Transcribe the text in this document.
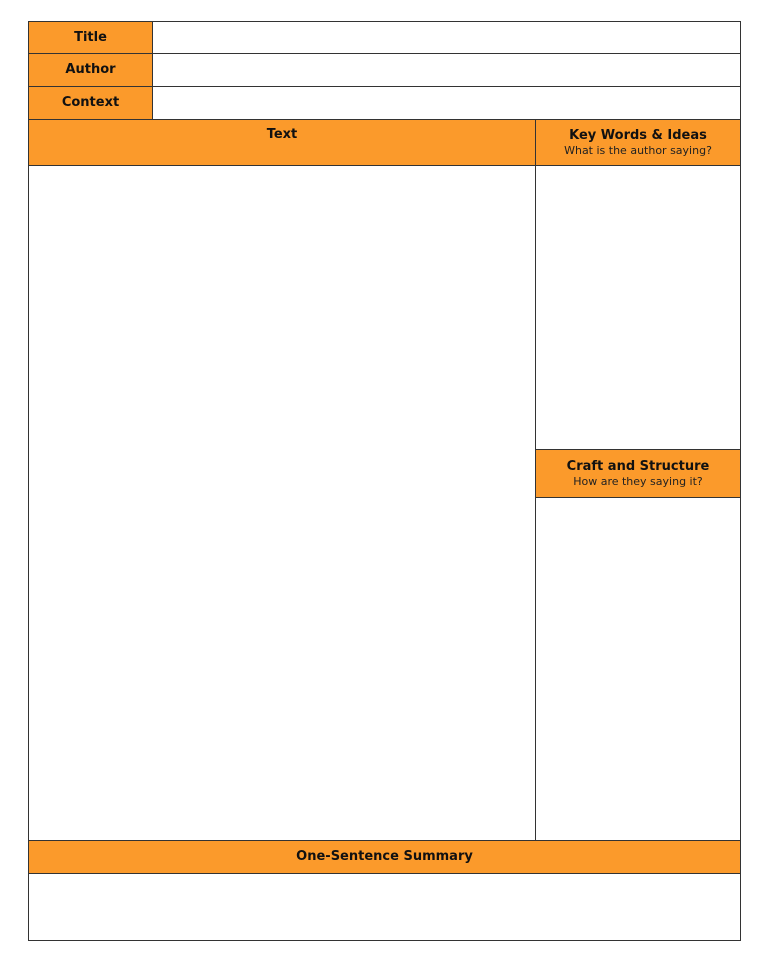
Title
Author
Context
Text	Key Words & Ideas
What is the author saying?
Craft and Structure
How are they saying it?
One-Sentence Summary
